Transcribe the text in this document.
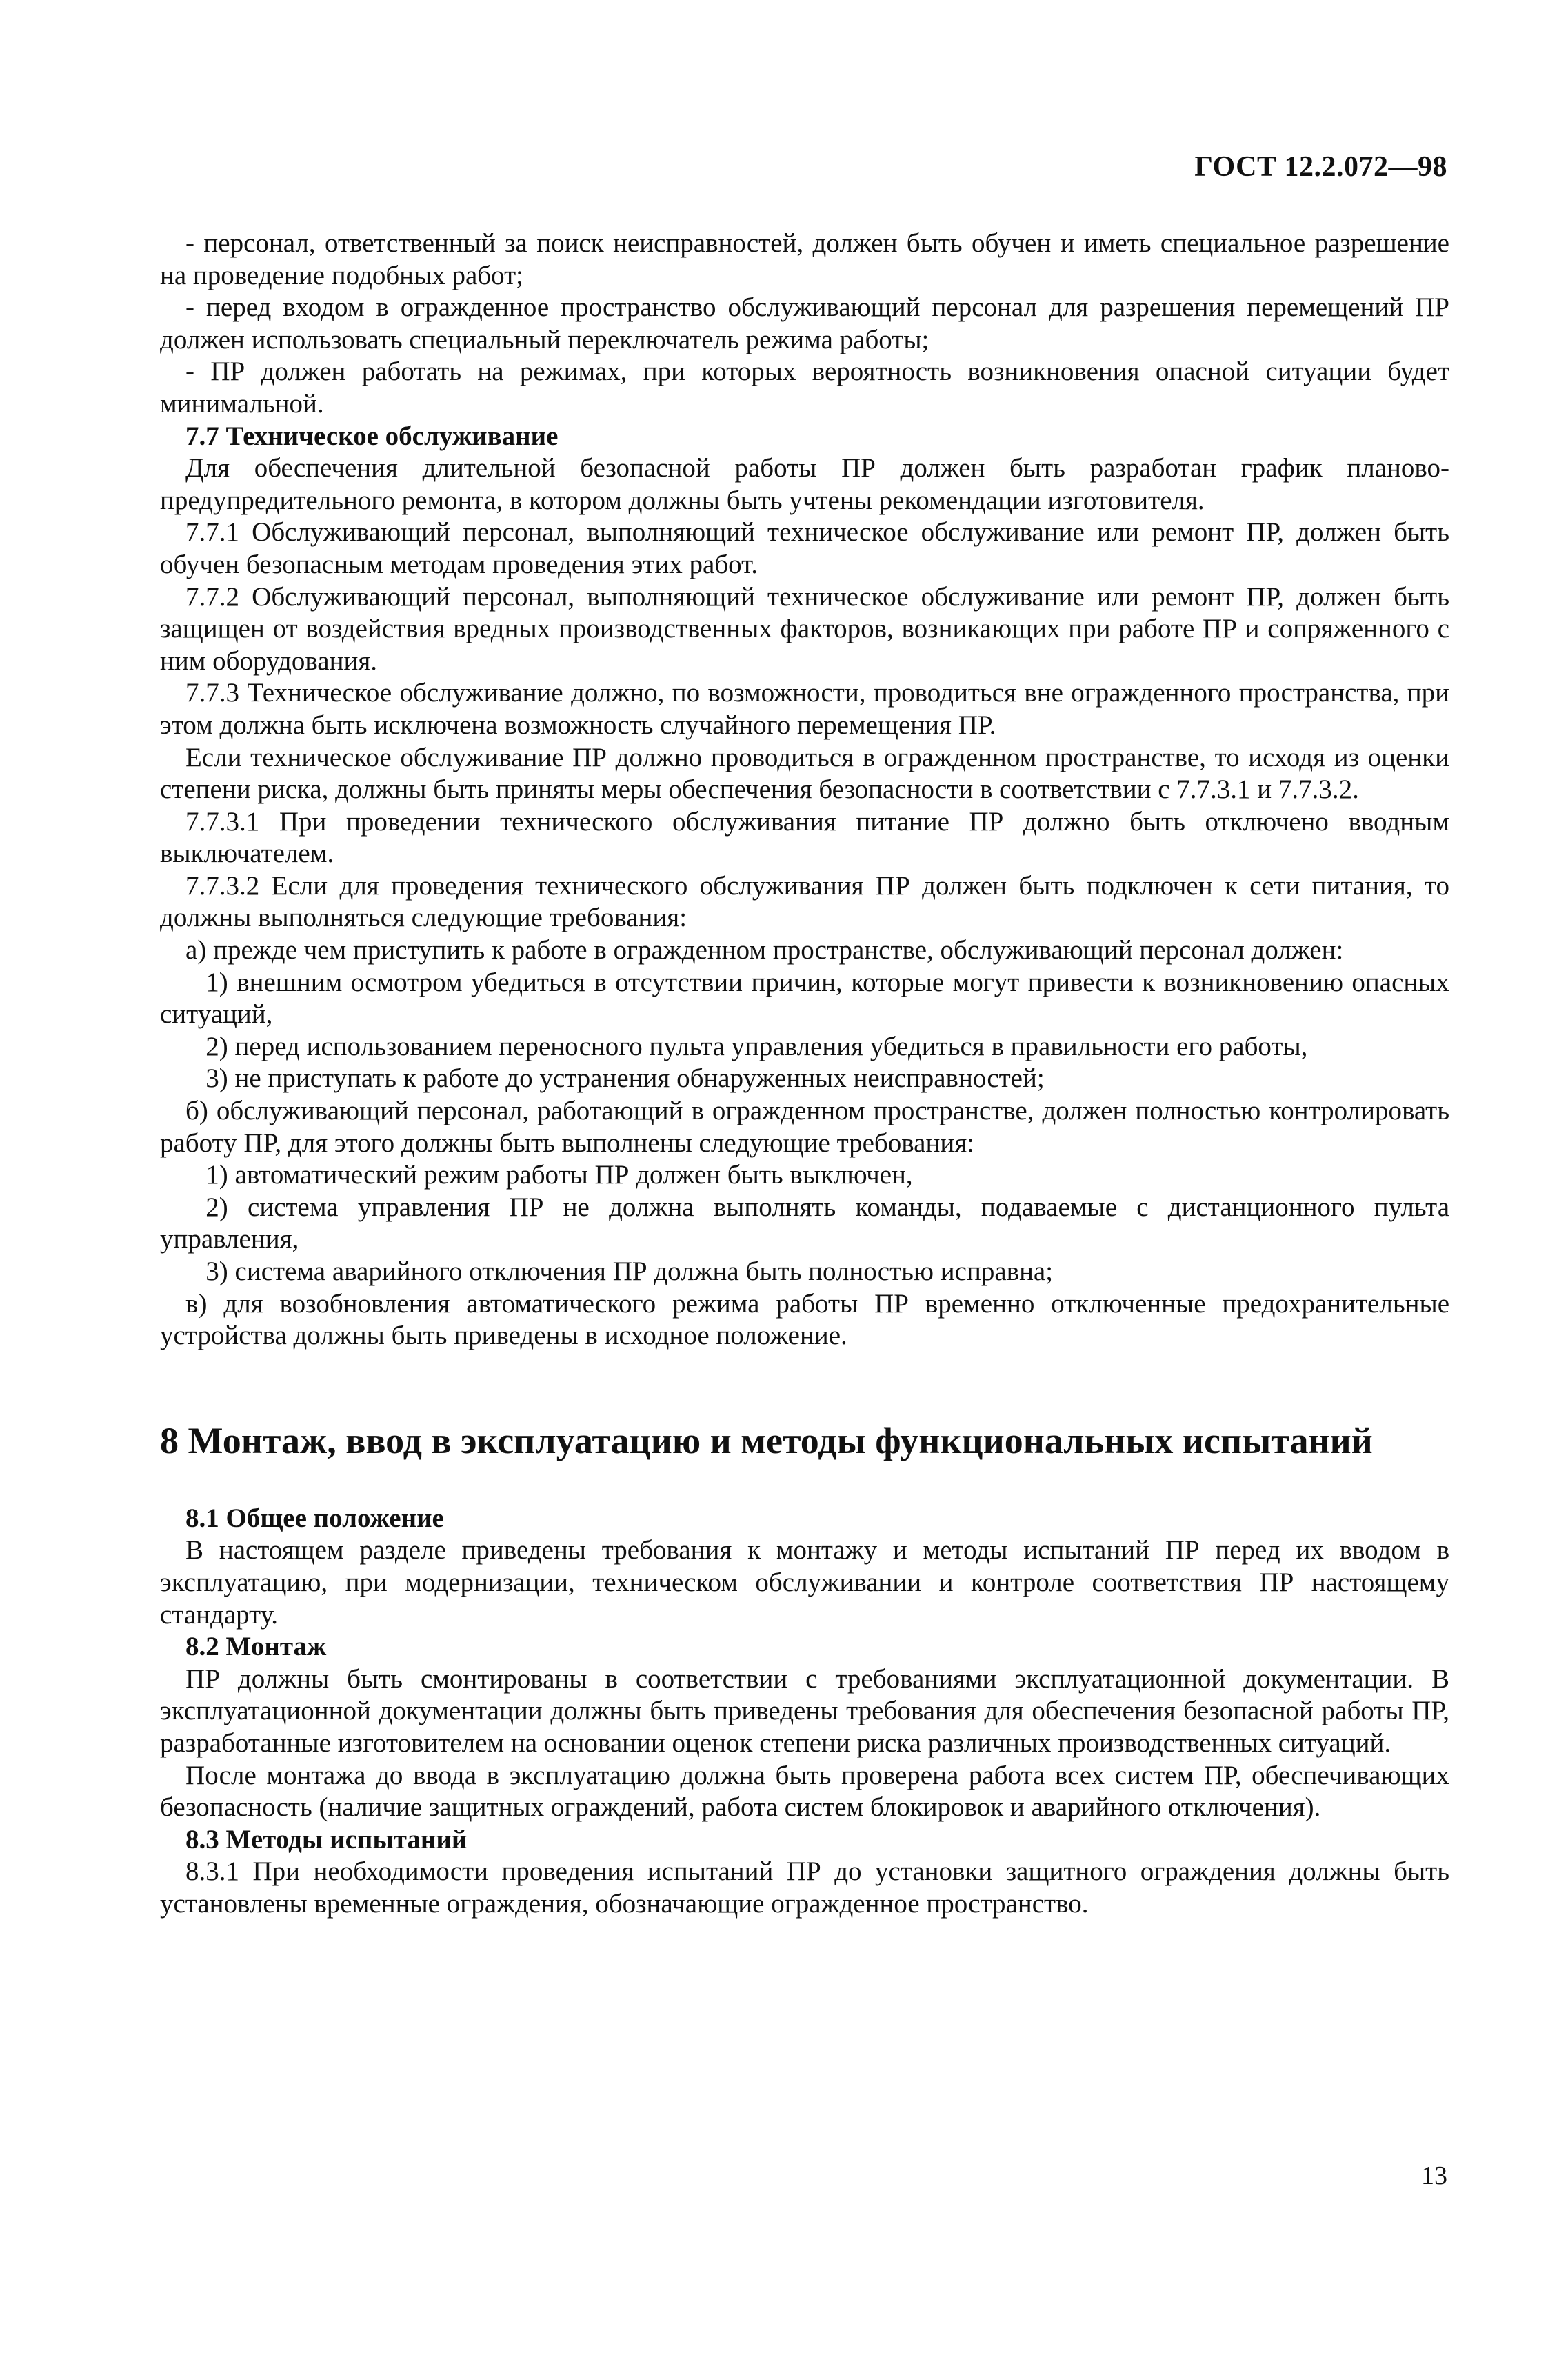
ГОСТ 12.2.072—98

- персонал, ответственный за поиск неисправностей, должен быть обучен и иметь специальное разрешение на проведение подобных работ;

- перед входом в огражденное пространство обслуживающий персонал для разрешения перемещений ПР должен использовать специальный переключатель режима работы;

- ПР должен работать на режимах, при которых вероятность возникновения опасной ситуации будет минимальной.

7.7 Техническое обслуживание

Для обеспечения длительной безопасной работы ПР должен быть разработан график планово-предупредительного ремонта, в котором должны быть учтены рекомендации изготовителя.

7.7.1 Обслуживающий персонал, выполняющий техническое обслуживание или ремонт ПР, должен быть обучен безопасным методам проведения этих работ.

7.7.2 Обслуживающий персонал, выполняющий техническое обслуживание или ремонт ПР, должен быть защищен от воздействия вредных производственных факторов, возникающих при работе ПР и сопряженного с ним оборудования.

7.7.3 Техническое обслуживание должно, по возможности, проводиться вне огражденного пространства, при этом должна быть исключена возможность случайного перемещения ПР.

Если техническое обслуживание ПР должно проводиться в огражденном пространстве, то исходя из оценки степени риска, должны быть приняты меры обеспечения безопасности в соответствии с 7.7.3.1 и 7.7.3.2.

7.7.3.1 При проведении технического обслуживания питание ПР должно быть отключено вводным выключателем.

7.7.3.2 Если для проведения технического обслуживания ПР должен быть подключен к сети питания, то должны выполняться следующие требования:

а) прежде чем приступить к работе в огражденном пространстве, обслуживающий персонал должен:

1) внешним осмотром убедиться в отсутствии причин, которые могут привести к возникновению опасных ситуаций,

2) перед использованием переносного пульта управления убедиться в правильности его работы,

3) не приступать к работе до устранения обнаруженных неисправностей;

б) обслуживающий персонал, работающий в огражденном пространстве, должен полностью контролировать работу ПР, для этого должны быть выполнены следующие требования:

1) автоматический режим работы ПР должен быть выключен,

2) система управления ПР не должна выполнять команды, подаваемые с дистанционного пульта управления,

3) система аварийного отключения ПР должна быть полностью исправна;

в) для возобновления автоматического режима работы ПР временно отключенные предохранительные устройства должны быть приведены в исходное положение.

8 Монтаж, ввод в эксплуатацию и методы функциональных испытаний

8.1 Общее положение

В настоящем разделе приведены требования к монтажу и методы испытаний ПР перед их вводом в эксплуатацию, при модернизации, техническом обслуживании и контроле соответствия ПР настоящему стандарту.

8.2 Монтаж

ПР должны быть смонтированы в соответствии с требованиями эксплуатационной документации. В эксплуатационной документации должны быть приведены требования для обеспечения безопасной работы ПР, разработанные изготовителем на основании оценок степени риска различных производственных ситуаций.

После монтажа до ввода в эксплуатацию должна быть проверена работа всех систем ПР, обеспечивающих безопасность (наличие защитных ограждений, работа систем блокировок и аварийного отключения).

8.3 Методы испытаний

8.3.1 При необходимости проведения испытаний ПР до установки защитного ограждения должны быть установлены временные ограждения, обозначающие огражденное пространство.

13
